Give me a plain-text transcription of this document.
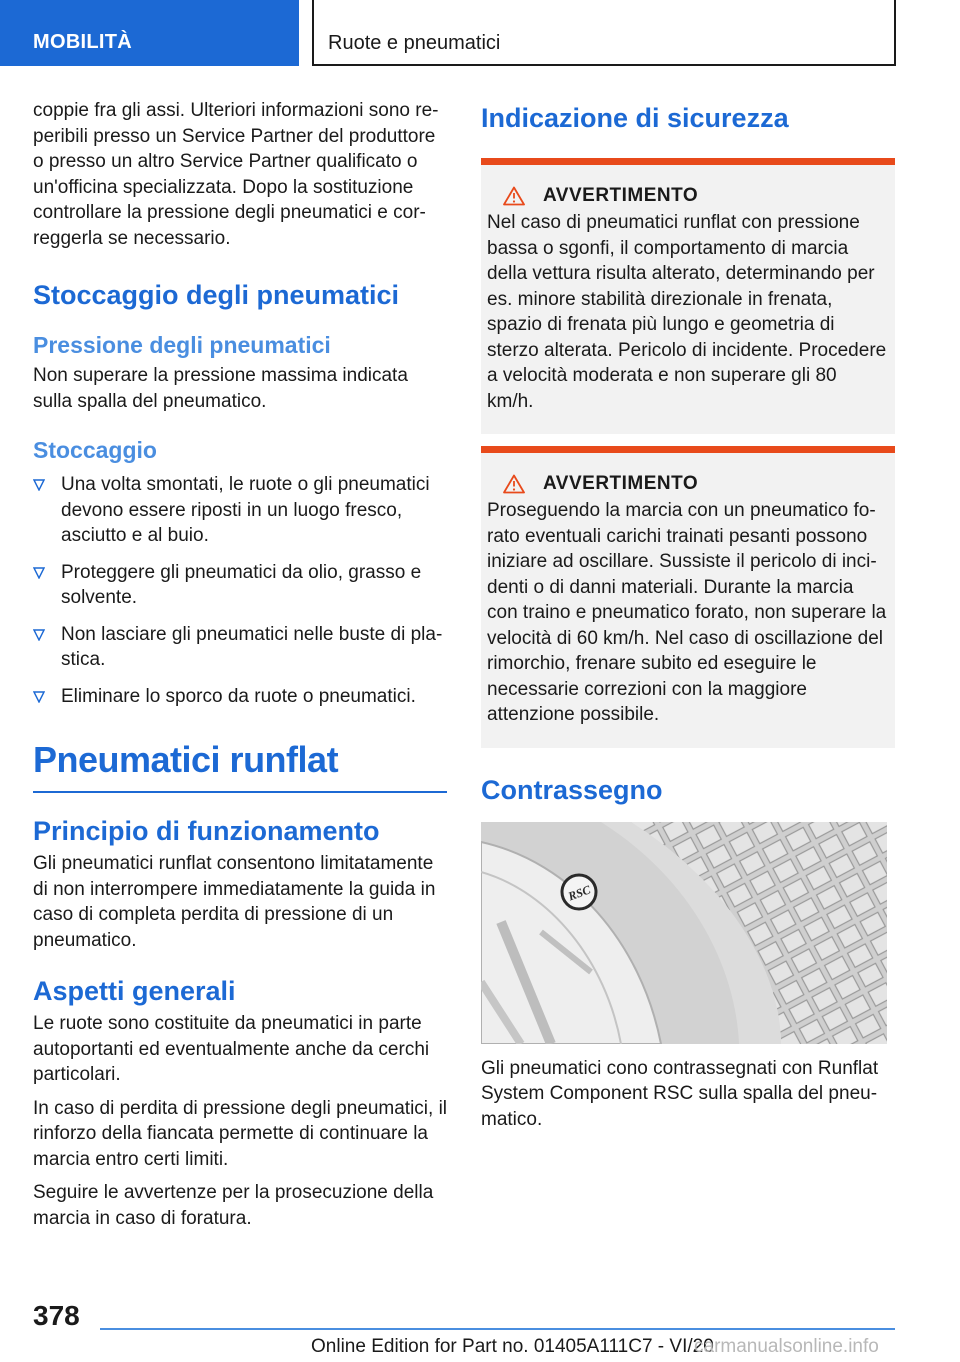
MOBILITÀ	Ruote e pneumatici

coppie fra gli assi. Ulteriori informazioni sono reperibili presso un Service Partner del produttore o presso un altro Service Partner qualificato o un'officina specializzata. Dopo la sostituzione controllare la pressione degli pneumatici e correggerla se necessario.

Stoccaggio degli pneumatici
Pressione degli pneumatici

Non superare la pressione massima indicata sulla spalla del pneumatico.

Stoccaggio
Una volta smontati, le ruote o gli pneumatici devono essere riposti in un luogo fresco, asciutto e al buio.
Proteggere gli pneumatici da olio, grasso e solvente.
Non lasciare gli pneumatici nelle buste di plastica.
Eliminare lo sporco da ruote o pneumatici.
Pneumatici runflat
Principio di funzionamento

Gli pneumatici runflat consentono limitatamente di non interrompere immediatamente la guida in caso di completa perdita di pressione di un pneumatico.

Aspetti generali

Le ruote sono costituite da pneumatici in parte autoportanti ed eventualmente anche da cerchi particolari.

In caso di perdita di pressione degli pneumatici, il rinforzo della fiancata permette di continuare la marcia entro certi limiti.

Seguire le avvertenze per la prosecuzione della marcia in caso di foratura.

Indicazione di sicurezza
AVVERTIMENTO

Nel caso di pneumatici runflat con pressione bassa o sgonfi, il comportamento di marcia della vettura risulta alterato, determinando per es. minore stabilità direzionale in frenata, spazio di frenata più lungo e geometria di sterzo alterata. Pericolo di incidente. Procedere a velocità moderata e non superare gli 80 km/h.

AVVERTIMENTO

Proseguendo la marcia con un pneumatico forato eventuali carichi trainati pesanti possono iniziare ad oscillare. Sussiste il pericolo di incidenti o di danni materiali. Durante la marcia con traino e pneumatico forato, non superare la velocità di 60 km/h. Nel caso di oscillazione del rimorchio, frenare subito ed eseguire le necessarie correzioni con la maggiore attenzione possibile.

Contrassegno
RSC

Gli pneumatici cono contrassegnati con Runflat System Component RSC sulla spalla del pneumatico.

378
Online Edition for Part no. 01405A111C7 - VI/20
carmanualsonline.info
